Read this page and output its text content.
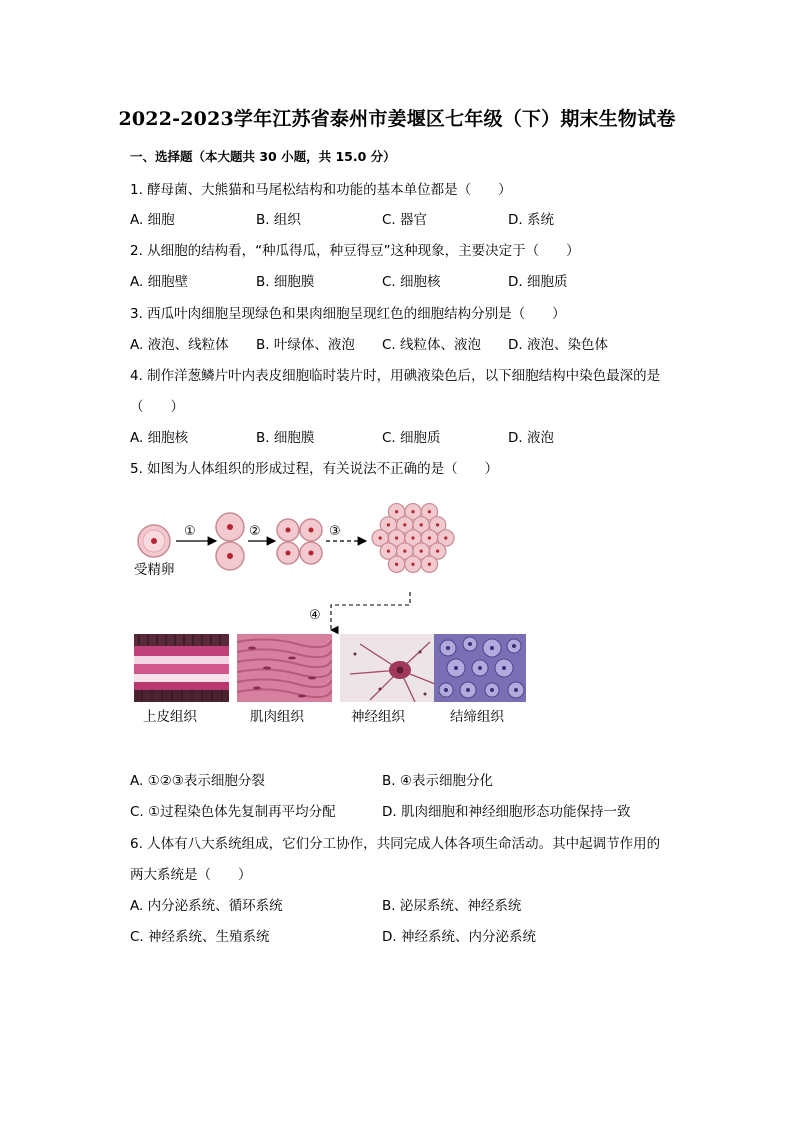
2022-2023学年江苏省泰州市姜堰区七年级（下）期末生物试卷
一、选择题（本大题共 30 小题，共 15.0 分）
1. 酵母菌、大熊猫和马尾松结构和功能的基本单位都是（　　）
A. 细胞	B. 组织	C. 器官	D. 系统
2. 从细胞的结构看，“种瓜得瓜，种豆得豆”这种现象，主要决定于（　　）
A. 细胞壁	B. 细胞膜	C. 细胞核	D. 细胞质
3. 西瓜叶肉细胞呈现绿色和果肉细胞呈现红色的细胞结构分别是（　　）
A. 液泡、线粒体 B. 叶绿体、液泡 C. 线粒体、液泡 D. 液泡、染色体
4. 制作洋葱鳞片叶内表皮细胞临时装片时，用碘液染色后，以下细胞结构中染色最深的是
（　　）
A. 细胞核	B. 细胞膜	C. 细胞质	D. 液泡
5. 如图为人体组织的形成过程，有关说法不正确的是（　　）
①	②	③
受精卵
④
上皮组织	肌肉组织	神经组织	结缔组织
A. ①②③表示细胞分裂	B. ④表示细胞分化
C. ①过程染色体先复制再平均分配	D. 肌肉细胞和神经细胞形态功能保持一致
6. 人体有八大系统组成，它们分工协作，共同完成人体各项生命活动。其中起调节作用的
两大系统是（　　）
A. 内分泌系统、循环系统	B. 泌尿系统、神经系统
C. 神经系统、生殖系统	D. 神经系统、内分泌系统
